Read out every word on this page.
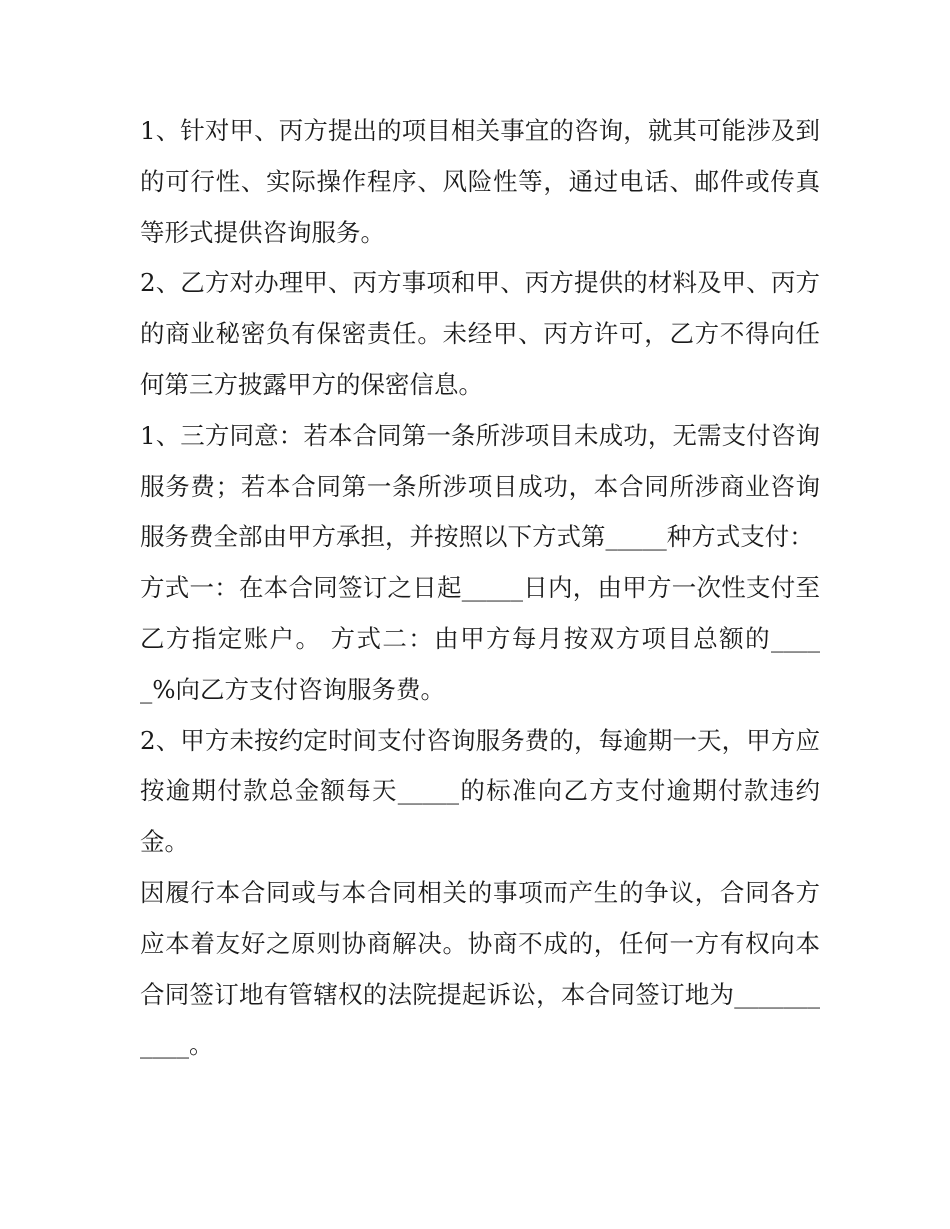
1、针对甲、丙方提出的项目相关事宜的咨询，就其可能涉及到的可行性、实际操作程序、风险性等，通过电话、邮件或传真等形式提供咨询服务。

2、乙方对办理甲、丙方事项和甲、丙方提供的材料及甲、丙方的商业秘密负有保密责任。未经甲、丙方许可，乙方不得向任何第三方披露甲方的保密信息。

1、三方同意：若本合同第一条所涉项目未成功，无需支付咨询服务费；若本合同第一条所涉项目成功，本合同所涉商业咨询服务费全部由甲方承担，并按照以下方式第_____种方式支付：

方式一：在本合同签订之日起_____日内，由甲方一次性支付至乙方指定账户。 方式二：由甲方每月按双方项目总额的_____%向乙方支付咨询服务费。

2、甲方未按约定时间支付咨询服务费的，每逾期一天，甲方应按逾期付款总金额每天_____的标准向乙方支付逾期付款违约金。

因履行本合同或与本合同相关的事项而产生的争议，合同各方应本着友好之原则协商解决。协商不成的，任何一方有权向本合同签订地有管辖权的法院提起诉讼，本合同签订地为___________。
